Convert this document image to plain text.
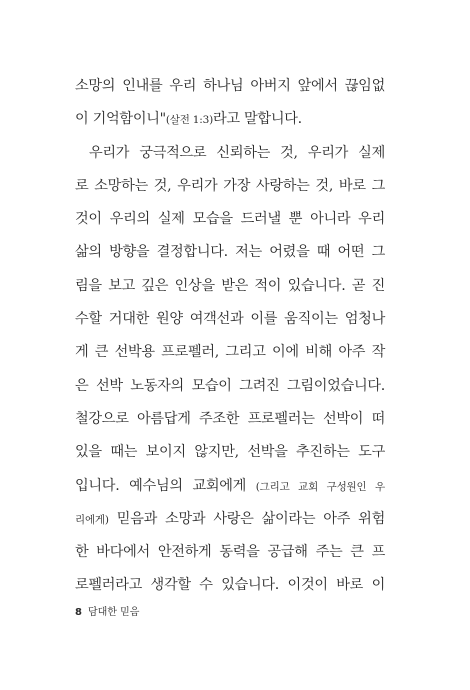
소망의 인내를 우리 하나님 아버지 앞에서 끊임없
이 기억함이니"(살전 1:3)라고 말합니다.
우리가 궁극적으로 신뢰하는 것, 우리가 실제
로 소망하는 것, 우리가 가장 사랑하는 것, 바로 그
것이 우리의 실제 모습을 드러낼 뿐 아니라 우리
삶의 방향을 결정합니다. 저는 어렸을 때 어떤 그
림을 보고 깊은 인상을 받은 적이 있습니다. 곧 진
수할 거대한 원양 여객선과 이를 움직이는 엄청나
게 큰 선박용 프로펠러, 그리고 이에 비해 아주 작
은 선박 노동자의 모습이 그려진 그림이었습니다.
철강으로 아름답게 주조한 프로펠러는 선박이 떠
있을 때는 보이지 않지만, 선박을 추진하는 도구
입니다. 예수님의 교회에게 (그리고 교회 구성원인 우
리에게) 믿음과 소망과 사랑은 삶이라는 아주 위험
한 바다에서 안전하게 동력을 공급해 주는 큰 프
로펠러라고 생각할 수 있습니다. 이것이 바로 이
8 담대한 믿음
